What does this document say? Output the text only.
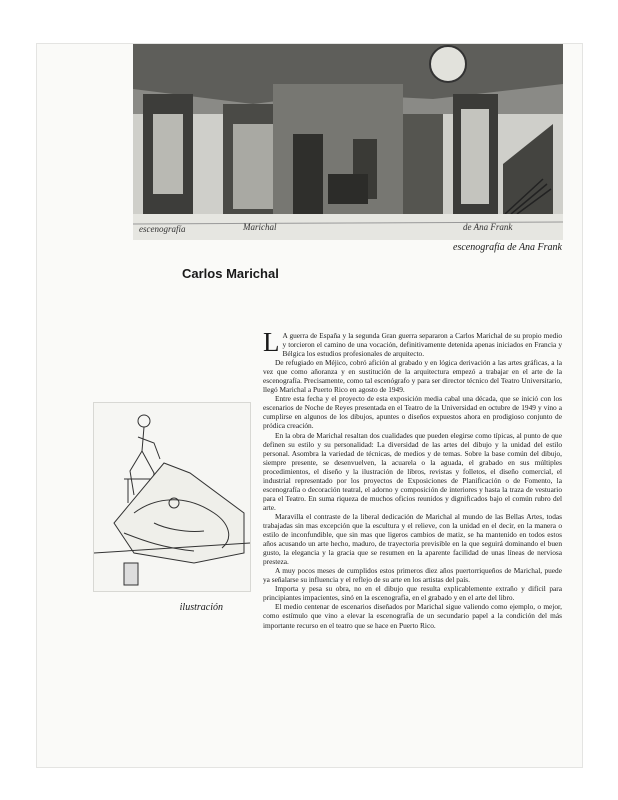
escenografía	Marichal	de Ana Frank
escenografía de Ana Frank
Carlos Marichal
ilustración

L A guerra de España y la segunda Gran guerra separaron a Carlos Marichal de su propio medio y torcieron el camino de una vocación, definitivamente detenida apenas iniciados en Francia y Bélgica los estudios profesionales de arquitecto.

De refugiado en Méjico, cobró afición al grabado y en lógica derivación a las artes gráficas, a la vez que como añoranza y en sustitución de la arquitectura empezó a trabajar en el arte de la escenografía. Precisamente, como tal escenógrafo y para ser director técnico del Teatro Universitario, llegó Marichal a Puerto Rico en agosto de 1949.

Entre esta fecha y el proyecto de esta exposición media cabal una década, que se inició con los escenarios de Noche de Reyes presentada en el Teatro de la Universidad en octubre de 1949 y vino a cumplirse en algunos de los dibujos, apuntes o diseños expuestos ahora en prodigioso conjunto de pródica creación.

En la obra de Marichal resaltan dos cualidades que pueden elegirse como típicas, al punto de que definen su estilo y su personalidad: La diversidad de las artes del dibujo y la unidad del estilo personal. Asombra la variedad de técnicas, de medios y de temas. Sobre la base común del dibujo, siempre presente, se desenvuelven, la acuarela o la aguada, el grabado en sus múltiples procedimientos, el diseño y la ilustración de libros, revistas y folletos, el diseño comercial, el industrial representado por los proyectos de Exposiciones de Planificación o de Fomento, la escenografía o decoración teatral, el adorno y composición de interiores y hasta la traza de vestuario para el Teatro. En suma riqueza de muchos oficios reunidos y dignificados bajo el común rubro del arte.

Maravilla el contraste de la liberal dedicación de Marichal al mundo de las Bellas Artes, todas trabajadas sin mas excepción que la escultura y el relieve, con la unidad en el decir, en la manera o estilo de inconfundible, que sin mas que ligeros cambios de matiz, se ha mantenido en todos estos años acusando un arte hecho, maduro, de trayectoria previsible en la que seguirá dominando el buen gusto, la elegancia y la gracia que se resumen en la aparente facilidad de unas líneas de nerviosa presteza.

A muy pocos meses de cumplidos estos primeros diez años puertorriqueños de Marichal, puede ya señalarse su influencia y el reflejo de su arte en los artistas del país.

Importa y pesa su obra, no en el dibujo que resulta explicablemente extraño y difícil para principiantes impacientes, sinó en la escenografía, en el grabado y en el arte del libro.

El medio centenar de escenarios diseñados por Marichal sigue valiendo como ejemplo, o mejor, como estímulo que vino a elevar la escenografía de un secundario papel a la condición del más importante recurso en el teatro que se hace en Puerto Rico.
